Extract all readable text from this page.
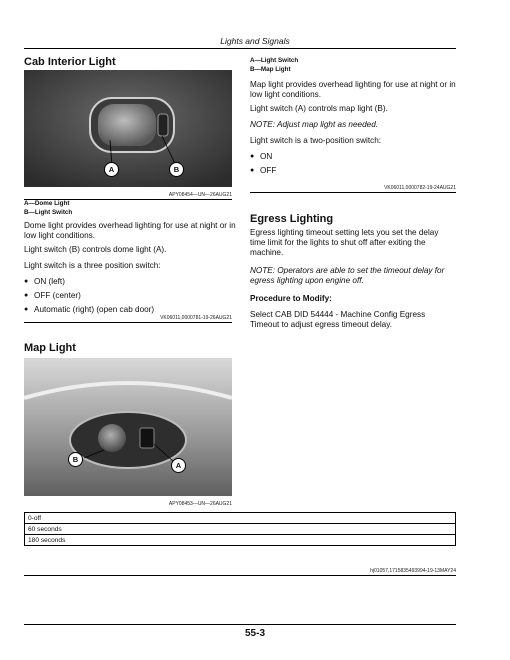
Lights and Signals
Cab Interior Light
A	B
APY08454—UN—26AUG21
A—Dome Light
B—Light Switch
Dome light provides overhead lighting for use at night or in low light conditions.
Light switch (B) controls dome light (A).
Light switch is a three position switch:
● ON (left)
● OFF (center)
● Automatic (right) (open cab door)
VK06011,0000781-19-26AUG21
Map Light
B
A
APY08453—UN—26AUG21
0-off
60 seconds
180 seconds
hj01057,1715835493994-19-13MAY24
A—Light Switch
B—Map Light
Map light provides overhead lighting for use at night or in low light conditions.
Light switch (A) controls map light (B).
NOTE: Adjust map light as needed.
Light switch is a two-position switch:
● ON
● OFF
VK06011,0000782-19-24AUG21
Egress Lighting
Egress lighting timeout setting lets you set the delay time limit for the lights to shut off after exiting the machine.
NOTE: Operators are able to set the timeout delay for egress lighting upon engine off.
Procedure to Modify:
Select CAB DID 54444 - Machine Config Egress Timeout to adjust egress timeout delay.
55-3
